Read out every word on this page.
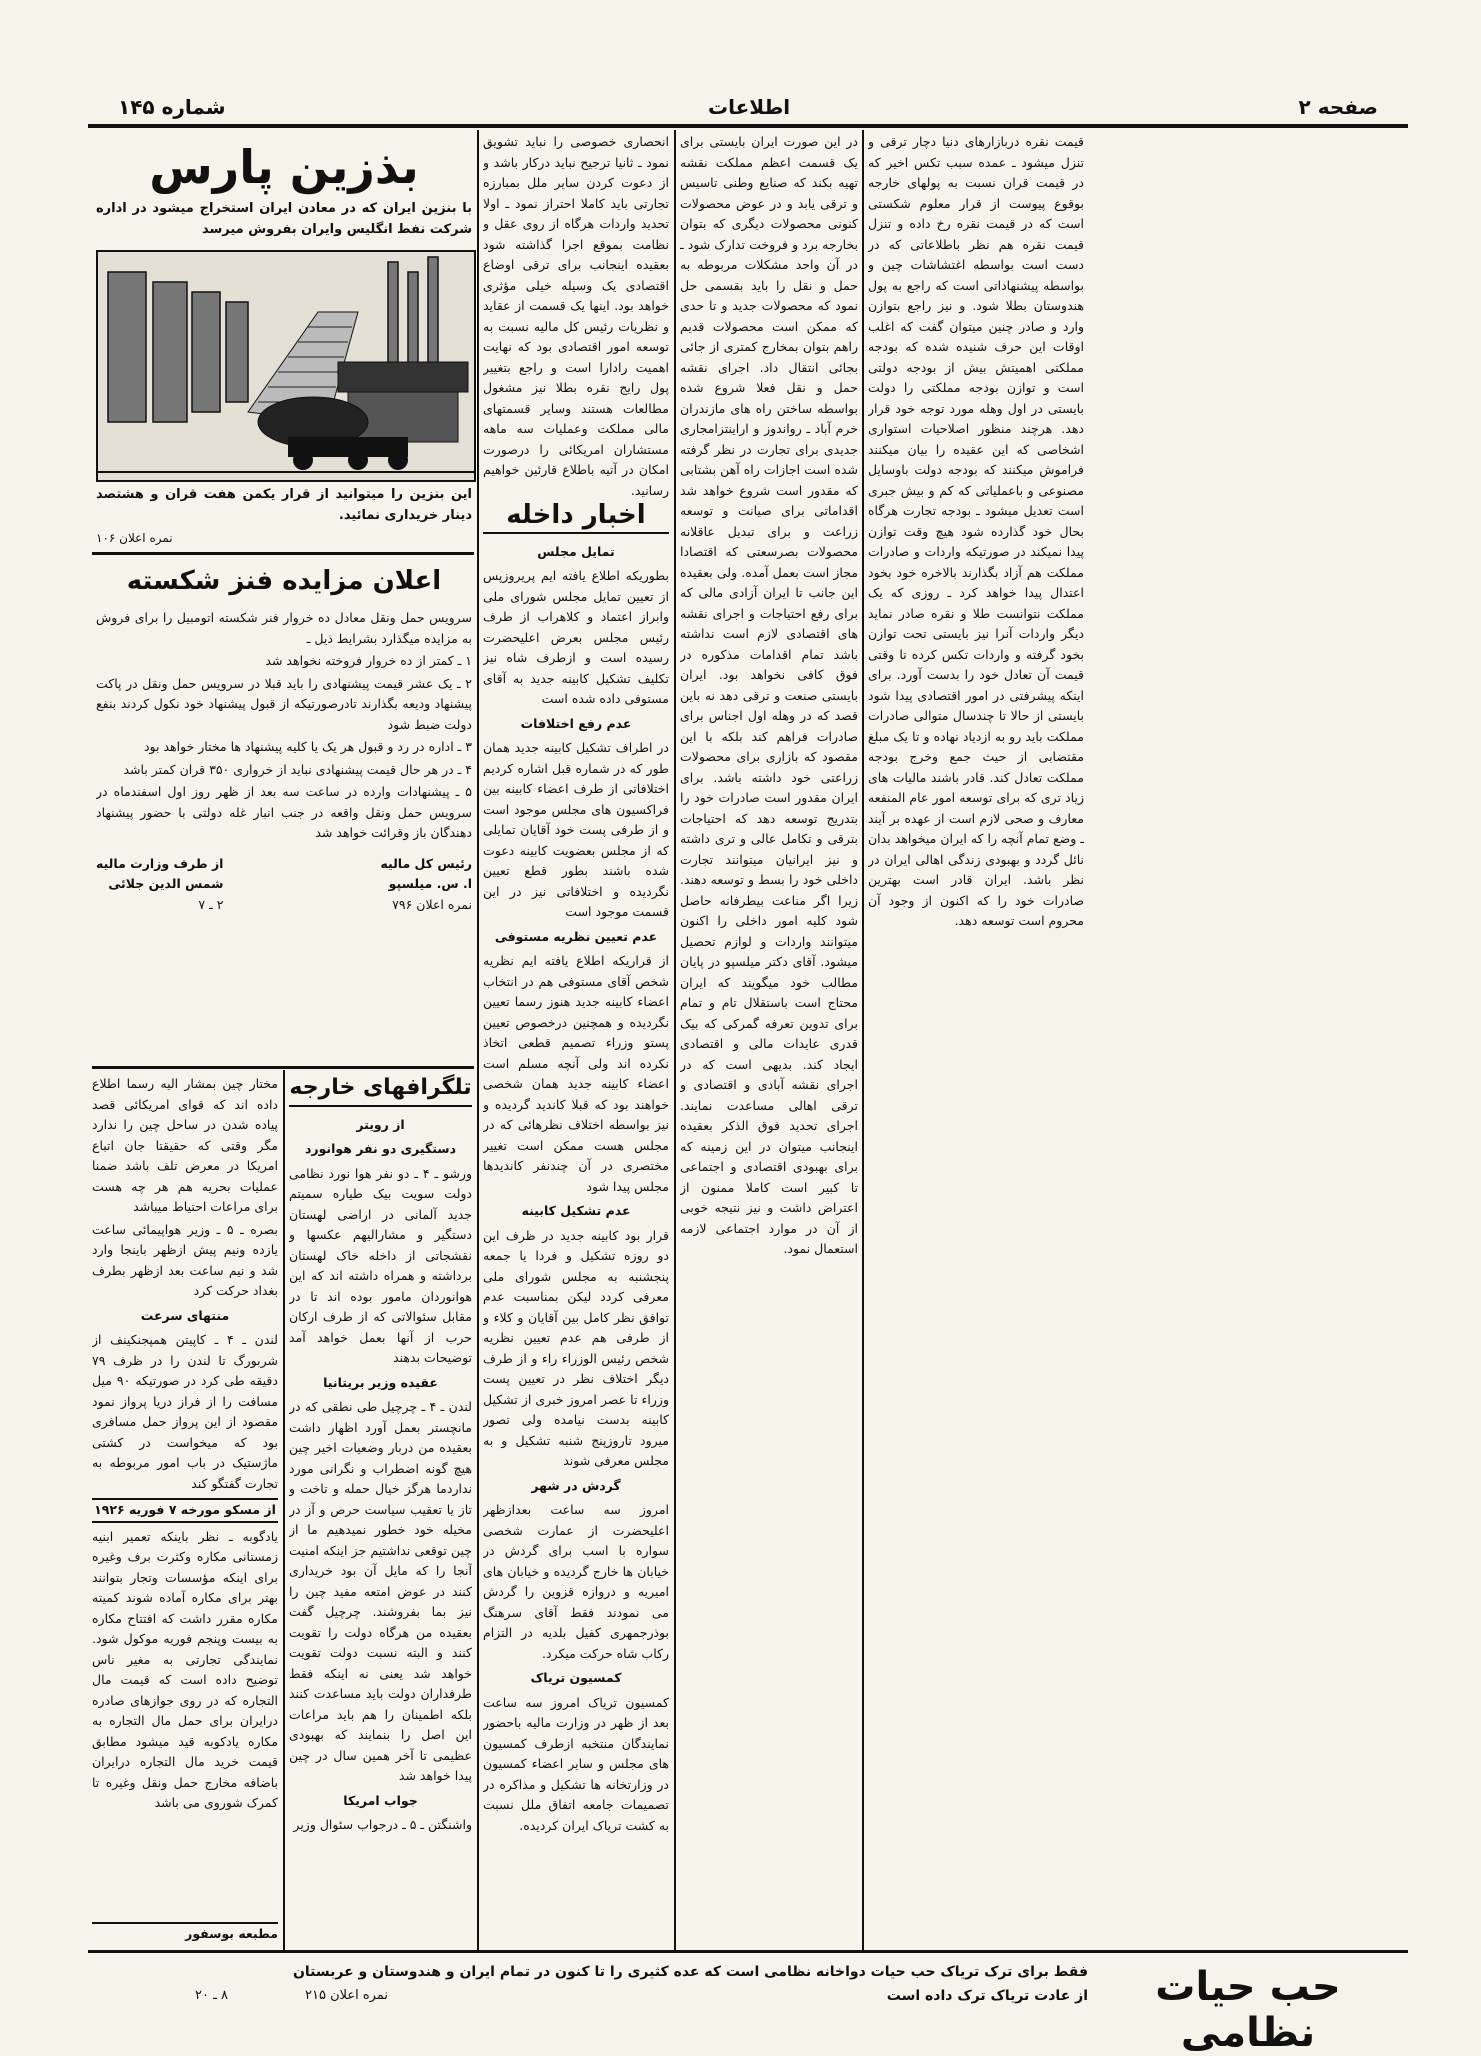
صفحه ۲
اطلاعات
شماره ۱۴۵

قیمت نقره دربازارهای دنیا دچار ترقی و تنزل میشود ـ عمده سبب تکس اخیر که در قیمت قران نسبت به پولهای خارجه بوقوع پیوست از قرار معلوم شکستی است که در قیمت نقره رخ داده و تنزل قیمت نقره هم نظر باطلاعاتی که در دست است بواسطه اغتشاشات چین و بواسطه پیشنهاداتی است که راجع به پول هندوستان بطلا شود. و نیز راجع بتوازن وارد و صادر چنین میتوان گفت که اغلب اوقات این حرف شنیده شده که بودجه مملکتی اهمیتش بیش از بودجه دولتی است و توازن بودجه مملکتی را دولت بایستی در اول وهله مورد توجه خود قرار دهد. هرچند منظور اصلاحیات استواری اشخاصی که این عقیده را بیان میکنند فراموش میکنند که بودجه دولت باوسایل مصنوعی و باعملیاتی که کم و بیش جبری است تعدیل میشود ـ بودجه تجارت هرگاه بحال خود گذارده شود هیچ وقت توازن پیدا نمیکند در صورتیکه واردات و صادرات مملکت هم آزاد بگذارند بالاخره خود بخود اعتدال پیدا خواهد کرد ـ روزی که یک مملکت نتوانست طلا و نقره صادر نماید دیگر واردات آنرا نیز بایستی تحت توازن بخود گرفته و واردات تکس کرده تا وقتی قیمت آن تعادل خود را بدست آورد. برای اینکه پیشرفتی در امور اقتصادی پیدا شود بایستی از حالا تا چندسال متوالی صادرات مملکت باید رو به ازدیاد نهاده و تا یک مبلغ مقتضابی از حیث جمع وخرج بودجه مملکت تعادل کند. قادر باشند مالیات های زیاد تری که برای توسعه امور عام المنفعه معارف و صحی لازم است از عهده بر آیند ـ وضع تمام آنچه را که ایران میخواهد بدان نائل گردد و بهبودی زندگی اهالی ایران در نظر باشد. ایران قادر است بهترین صادرات خود را که اکنون از وجود آن محروم است توسعه دهد.

در این صورت ایران بایستی برای یک قسمت اعظم مملکت نقشه تهیه بکند که صنایع وطنی تاسیس و ترقی یابد و در عوض محصولات کنونی محصولات دیگری که بتوان بخارجه برد و فروخت تدارک شود ـ در آن واحد مشکلات مربوطه به حمل و نقل را باید بقسمی حل نمود که محصولات جدید و تا حدی که ممکن است محصولات قدیم راهم بتوان بمخارج کمتری از جائی بجائی انتقال داد. اجرای نقشه حمل و نقل فعلا شروع شده بواسطه ساختن راه های مازندران خرم آباد ـ رواندوز و اراینتزامجاری جدیدی برای تجارت در نظر گرفته شده است اجازات راه آهن بشتابی که مقدور است شروع خواهد شد اقداماتی برای صیانت و توسعه زراعت و برای تبدیل عاقلانه محصولات بصرسعتی که اقتصادا مجاز است بعمل آمده. ولی بعقیده این جانب تا ایران آزادی مالی که برای رفع احتیاجات و اجرای نقشه های اقتصادی لازم است نداشته باشد تمام اقدامات مذکوره در فوق کافی نخواهد بود. ایران بایستی صنعت و ترقی دهد نه باین قصد که در وهله اول اجناس برای صادرات فراهم کند بلکه با این مقصود که بازاری برای محصولات زراعتی خود داشته باشد. برای ایران مقدور است صادرات خود را بتدریج توسعه دهد که احتیاجات بترقی و تکامل عالی و تری داشته و نیز ایرانیان میتوانند تجارت داخلی خود را بسط و توسعه دهند. زیرا اگر مناعت بیطرفانه حاصل شود کلیه امور داخلی را اکنون میتوانند واردات و لوازم تحصیل میشود. آقای دکتر میلسپو در پایان مطالب خود میگویند که ایران محتاج است باستقلال تام و تمام برای تدوین تعرفه گمرکی که بیک قدری عایدات مالی و اقتصادی ایجاد کند. بدیهی است که در اجرای نقشه آبادی و اقتصادی و ترقی اهالی مساعدت نمایند. اجرای تحدید فوق الذکر بعقیده اینجانب میتوان در این زمینه که برای بهبودی اقتصادی و اجتماعی تا کبیر است کاملا ممنون از اعتراض داشت و نیز نتیجه خوبی از آن در موارد اجتماعی لازمه استعمال نمود.

انحصاری خصوصی را نباید تشویق نمود ـ ثانیا ترجیح نباید درکار باشد و از دعوت کردن سایر ملل بمبارزه تجارتی باید کاملا احتراز نمود ـ اولا تحدید واردات هرگاه از روی عقل و نظامت بموقع اجرا گذاشته شود بعقیده اینجانب برای ترقی اوضاع اقتصادی یک وسیله خیلی مؤثری خواهد بود. اینها یک قسمت از عقاید و نظریات رئیس کل مالیه نسبت به توسعه امور اقتصادی بود که نهایت اهمیت رادارا است و راجع بتغییر پول رایج نقره بطلا نیز مشغول مطالعات هستند وسایر قسمتهای مالی مملکت وعملیات سه ماهه مستشاران امریکائی را درصورت امکان در آتیه باطلاع قارئین خواهیم رسانید.

اخبار داخله
تمایل مجلس

بطوریکه اطلاع یافته ایم پریروزپس از تعیین تمایل مجلس شورای ملی وابراز اعتماد و کلاهراب از طرف رئیس مجلس بعرض اعلیحضرت رسیده است و ازطرف شاه نیز تکلیف تشکیل کابینه جدید به آقای مستوفی داده شده است

عدم رفع اختلافات

در اطراف تشکیل کابینه جدید همان طور که در شماره قبل اشاره کردیم اختلافاتی از طرف اعضاء کابینه بین فراکسیون های مجلس موجود است و از طرفی پست خود آقایان تمایلی که از مجلس بعضویت کابینه دعوت شده باشند بطور قطع تعیین نگردیده و اختلافاتی نیز در این قسمت موجود است

عدم تعیین نظریه مستوفی

از قراریکه اطلاع یافته ایم نظریه شخص آقای مستوفی هم در انتخاب اعضاء کابینه جدید هنوز رسما تعیین نگردیده و همچنین درخصوص تعیین پستو وزراء تصمیم قطعی اتخاذ نکرده اند ولی آنچه مسلم است اعضاء کابینه جدید همان شخصی خواهند بود که قبلا کاندید گردیده و نیز بواسطه اختلاف نظرهائی که در مجلس هست ممکن است تغییر مختصری در آن چندنفر کاندیدها مجلس پیدا شود

عدم تشکیل کابینه

قرار بود کابینه جدید در ظرف این دو روزه تشکیل و فردا یا جمعه پنجشنبه به مجلس شورای ملی معرفی کردد لیکن بمناسبت عدم توافق نظر کامل بین آقایان و کلاء و از طرفی هم عدم تعیین نظریه شخص رئیس الوزراء راء و از طرف دیگر اختلاف نظر در تعیین پست وزراء تا عصر امروز خبری از تشکیل کابینه بدست نیامده ولی تصور میرود تاروزپنج شنبه تشکیل و به مجلس معرفی شوند

گردش در شهر

امروز سه ساعت بعدازظهر اعلیحضرت از عمارت شخصی سواره با اسب برای گردش در خیابان ها خارج گردیده و خیابان های امیریه و دروازه قزوین را گردش می نمودند فقط آقای سرهنگ بوذرجمهری کفیل بلدیه در التزام رکاب شاه حرکت میکرد.

کمسیون تریاک

کمسیون تریاک امروز سه ساعت بعد از ظهر در وزارت مالیه باحضور نمایندگان منتخبه ازطرف کمسیون های مجلس و سایر اعضاء کمسیون در وزارتخانه ها تشکیل و مذاکره در تصمیمات جامعه اتفاق ملل نسبت به کشت تریاک ایران کردیده.

بذزین پارس
با بنزین ایران که در معادن ایران استخراج میشود در اداره شرکت نفط انگلیس وایران بفروش میرسد
این بنزین را میتوانید از قرار یکمن هفت قران و هشتصد دینار خریداری نمائید.
نمره اعلان ۱۰۶
اعلان مزایده فنز شکسته

سرویس حمل ونقل معادل ده خروار فنر شکسته اتومبیل را برای فروش به مزایده میگذارد بشرایط ذیل ـ

۱ ـ کمتر از ده خروار فروخته نخواهد شد

۲ ـ یک عشر قیمت پیشنهادی را باید قبلا در سرویس حمل ونقل در پاکت پیشنهاد ودیعه بگذارند تادرصورتیکه از قبول پیشنهاد خود نکول کردند بنفع دولت ضبط شود

۳ ـ اداره در رد و قبول هر یک یا کلیه پیشنهاد ها مختار خواهد بود

۴ ـ در هر حال قیمت پیشنهادی نباید از خرواری ۳۵۰ قران کمتر باشد

۵ ـ پیشنهادات وارده در ساعت سه بعد از ظهر روز اول اسفندماه در سرویس حمل ونقل واقعه در جنب انبار غله دولتی با حضور پیشنهاد دهندگان باز وقرائت خواهد شد

رئیس کل مالیه
ا. س. میلسپو
نمره اعلان ۷۹۶
از طرف وزارت مالیه
شمس الدین جلائی
۲ ـ ۷
تلگرافهای خارجه
از رویتر
دستگیری دو نفر هوانورد

ورشو ـ ۴ ـ دو نفر هوا نورد نظامی دولت سویت بیک طیاره سمیتم جدید آلمانی در اراضی لهستان دستگیر و مشارالیهم عکسها و نقشجاتی از داخله خاک لهستان برداشته و همراه داشته اند که این هوانوردان مامور بوده اند تا در مقابل سئوالاتی که از طرف ارکان حرب از آنها بعمل خواهد آمد توضیحات بدهند

عقیده وزیر بریتانیا

لندن ـ ۴ ـ چرچیل طی نطقی که در مانچستر بعمل آورد اظهار داشت بعقیده من دربار وضعیات اخیر چین هیچ گونه اضطراب و نگرانی مورد نداردما هرگز خیال حمله و تاخت و تاز یا تعقیب سیاست حرص و آز در مخیله خود خطور نمیدهیم ما از چین توقعی نداشتیم جز اینکه امنیت آنجا را که مایل آن بود خریداری کنند در عوض امتعه مفید چین را نیز بما بفروشند. چرچیل گفت بعقیده من هرگاه دولت را تقویت کنند و البته نسبت دولت تقویت خواهد شد یعنی نه اینکه فقط طرفداران دولت باید مساعدت کنند بلکه اطمینان را هم باید مراعات این اصل را بنمایند که بهبودی عظیمی تا آخر همین سال در چین پیدا خواهد شد

جواب امریکا

واشنگتن ـ ۵ ـ درجواب سئوال وزیر

مختار چین بمشار الیه رسما اطلاع داده اند که قوای امریکائی قصد پیاده شدن در ساحل چین را ندارد مگر وقتی که حقیقتا جان اتباع امریکا در معرض تلف باشد ضمنا عملیات بحریه هم هر چه هست برای مراعات احتیاط میباشد

بصره ـ ۵ ـ وزیر هواپیمائی ساعت یازده ونیم پیش ازظهر باینجا وارد شد و نیم ساعت بعد ازظهر بطرف بغداد حرکت کرد

منتهای سرعت

لندن ـ ۴ ـ کاپیتن همپجنکینف از شربورگ تا لندن را در ظرف ۷۹ دقیقه طی کرد در صورتیکه ۹۰ میل مسافت را از فراز دریا پرواز نمود مقصود از این پرواز حمل مسافری بود که میخواست در کشتی ماژستیک در باب امور مربوطه به تجارت گفتگو کند

از مسکو مورخه ۷ فوریه ۱۹۲۶

یادگوبه ـ نظر باینکه تعمیر ابنیه زمستانی مکاره وکثرت برف وغیره برای اینکه مؤسسات وتجار بتوانند بهتر برای مکاره آماده شوند کمیته مکاره مقرر داشت که افتتاح مکاره به بیست وپنجم فوریه موکول شود. نمایندگی تجارتی به مغیر ناس توضیح داده است که قیمت مال التجاره که در روی جوازهای صادره درایران برای حمل مال التجاره به مکاره یادکوبه قید میشود مطابق قیمت خرید مال التجاره درایران باضافه مخارج حمل ونقل وغیره تا کمرک شوروی می باشد

مطبعه بوسفور
حب حیات نظامی
فقط برای ترک تریاک حب حیات دواخانه نظامی است که عده کثیری را تا کنون در تمام ایران و هندوستان و عربستان
از عادت تریاک ترک داده است
نمره اعلان ۲۱۵
۸ ـ ۲۰
